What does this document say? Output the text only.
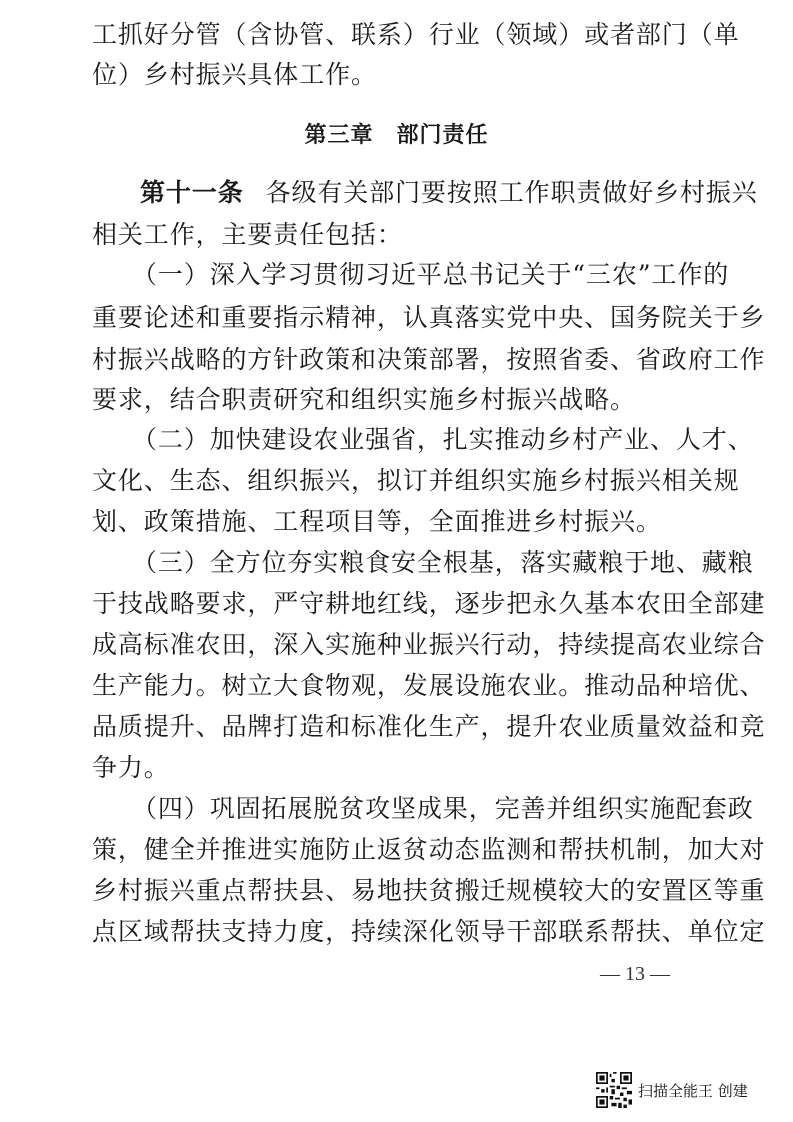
工抓好分管（含协管、联系）行业（领域）或者部门（单
位）乡村振兴具体工作。
第三章　部门责任
第十一条 各级有关部门要按照工作职责做好乡村振兴
相关工作，主要责任包括：
（一）深入学习贯彻习近平总书记关于“三农”工作的
重要论述和重要指示精神，认真落实党中央、国务院关于乡
村振兴战略的方针政策和决策部署，按照省委、省政府工作
要求，结合职责研究和组织实施乡村振兴战略。
（二）加快建设农业强省，扎实推动乡村产业、人才、
文化、生态、组织振兴，拟订并组织实施乡村振兴相关规
划、政策措施、工程项目等，全面推进乡村振兴。
（三）全方位夯实粮食安全根基，落实藏粮于地、藏粮
于技战略要求，严守耕地红线，逐步把永久基本农田全部建
成高标准农田，深入实施种业振兴行动，持续提高农业综合
生产能力。树立大食物观，发展设施农业。推动品种培优、
品质提升、品牌打造和标准化生产，提升农业质量效益和竞
争力。
（四）巩固拓展脱贫攻坚成果，完善并组织实施配套政
策，健全并推进实施防止返贫动态监测和帮扶机制，加大对
乡村振兴重点帮扶县、易地扶贫搬迁规模较大的安置区等重
点区域帮扶支持力度，持续深化领导干部联系帮扶、单位定
— 13 —
扫描全能王 创建
